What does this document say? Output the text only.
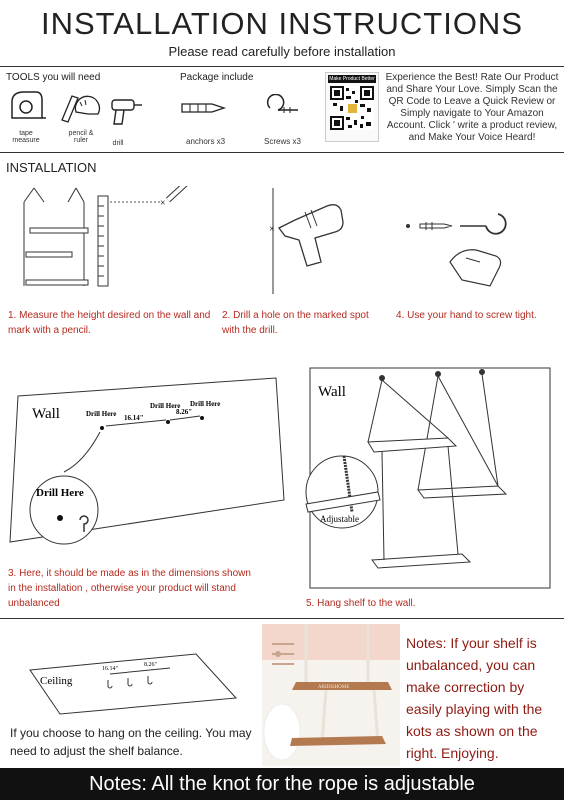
INSTALLATION INSTRUCTIONS
Please read carefully before installation
TOOLS you will need
tape measure
pencil & ruler	drill
Package include
anchors x3	Screws x3
Make Product Better Experience the Best! Rate Our Product and Share Your Love. Simply Scan the QR Code to Leave a Quick Review or Simply navigate to Your Amazon Account. Click ' write a product review, and Make Your Voice Heard!
INSTALLATION
×
×
1. Measure the height desired on the wall and mark with a pencil.
2. Drill a hole on the marked spot with the drill.
4. Use your hand to screw tight.
Wall	Drill Here
Drill Here Drill Here
16.14"
8.26"
Drill Here
3. Here, it should be made as in the dimensions shown in the installation , otherwise your product will stand unbalanced
Wall
Adjustable
5. Hang shelf to the wall.
Ceiling
16.14"
8.26"
If you choose to hang on the ceiling. You may need to adjust the shelf balance.
ARIDISHOME
Notes: If your shelf is unbalanced, you can make correction by easily playing with the kots as shown on the right. Enjoying.
Notes: All the knot for the rope is adjustable
